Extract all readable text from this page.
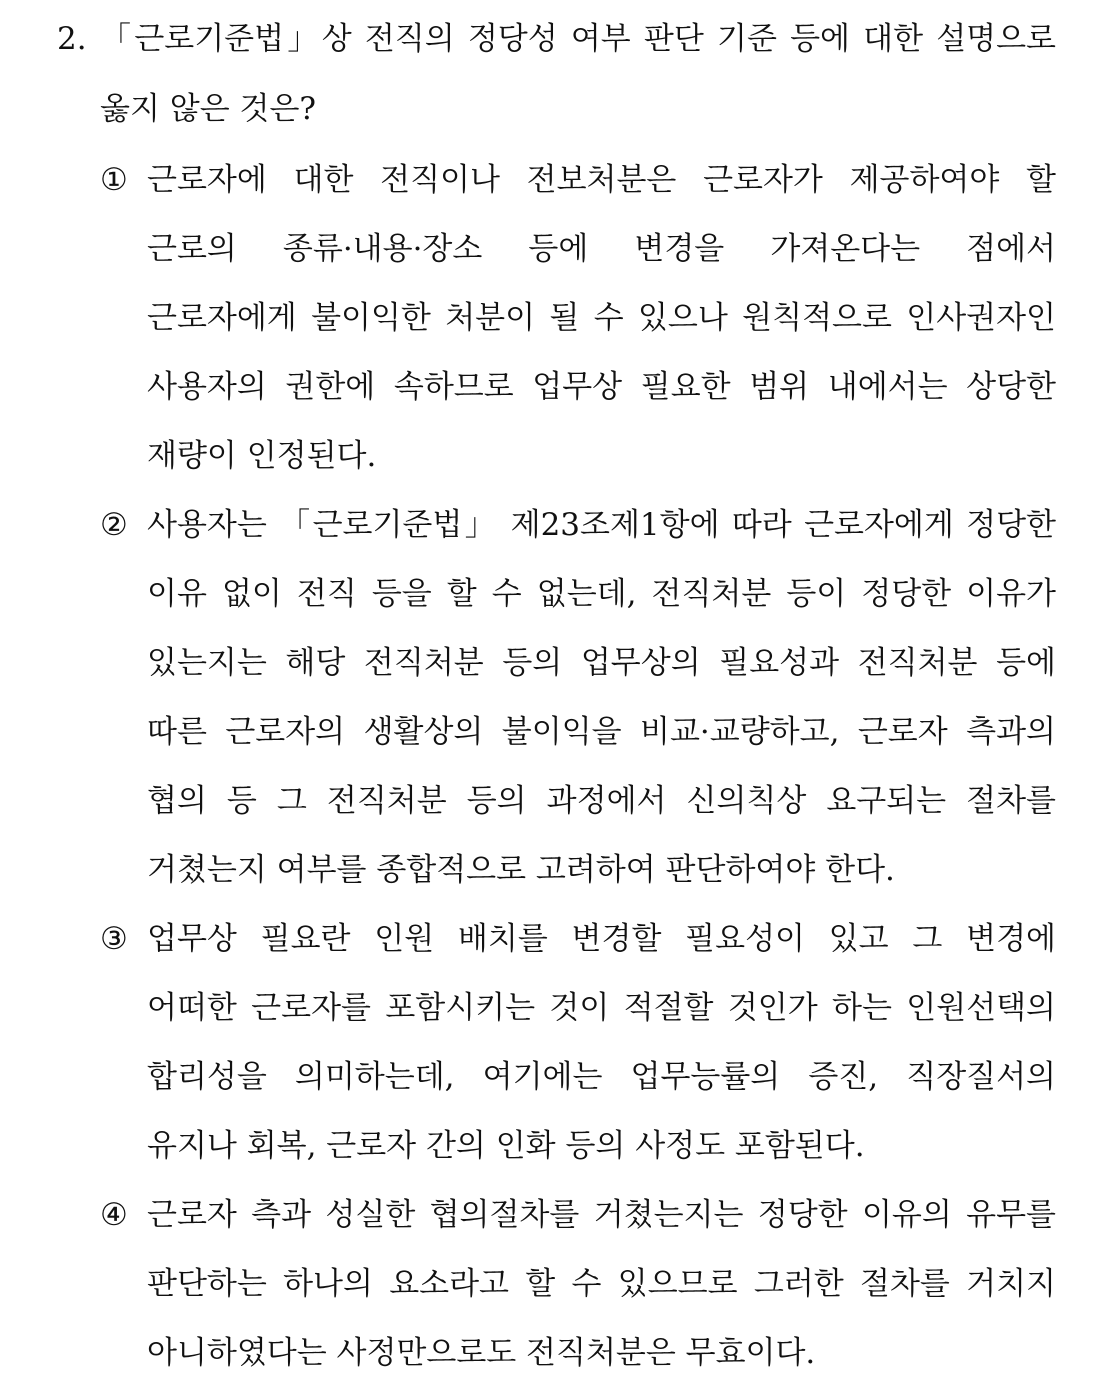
2. 「근로기준법」상 전직의 정당성 여부 판단 기준 등에 대한 설명으로
옳지 않은 것은?
① 근로자에 대한 전직이나 전보처분은 근로자가 제공하여야 할
근로의 종류·내용·장소 등에 변경을 가져온다는 점에서
근로자에게 불이익한 처분이 될 수 있으나 원칙적으로 인사권자인
사용자의 권한에 속하므로 업무상 필요한 범위 내에서는 상당한
재량이 인정된다.
② 사용자는 「근로기준법」 제23조제1항에 따라 근로자에게 정당한
이유 없이 전직 등을 할 수 없는데, 전직처분 등이 정당한 이유가
있는지는 해당 전직처분 등의 업무상의 필요성과 전직처분 등에
따른 근로자의 생활상의 불이익을 비교·교량하고, 근로자 측과의
협의 등 그 전직처분 등의 과정에서 신의칙상 요구되는 절차를
거쳤는지 여부를 종합적으로 고려하여 판단하여야 한다.
③ 업무상 필요란 인원 배치를 변경할 필요성이 있고 그 변경에
어떠한 근로자를 포함시키는 것이 적절할 것인가 하는 인원선택의
합리성을 의미하는데, 여기에는 업무능률의 증진, 직장질서의
유지나 회복, 근로자 간의 인화 등의 사정도 포함된다.
④ 근로자 측과 성실한 협의절차를 거쳤는지는 정당한 이유의 유무를
판단하는 하나의 요소라고 할 수 있으므로 그러한 절차를 거치지
아니하였다는 사정만으로도 전직처분은 무효이다.
